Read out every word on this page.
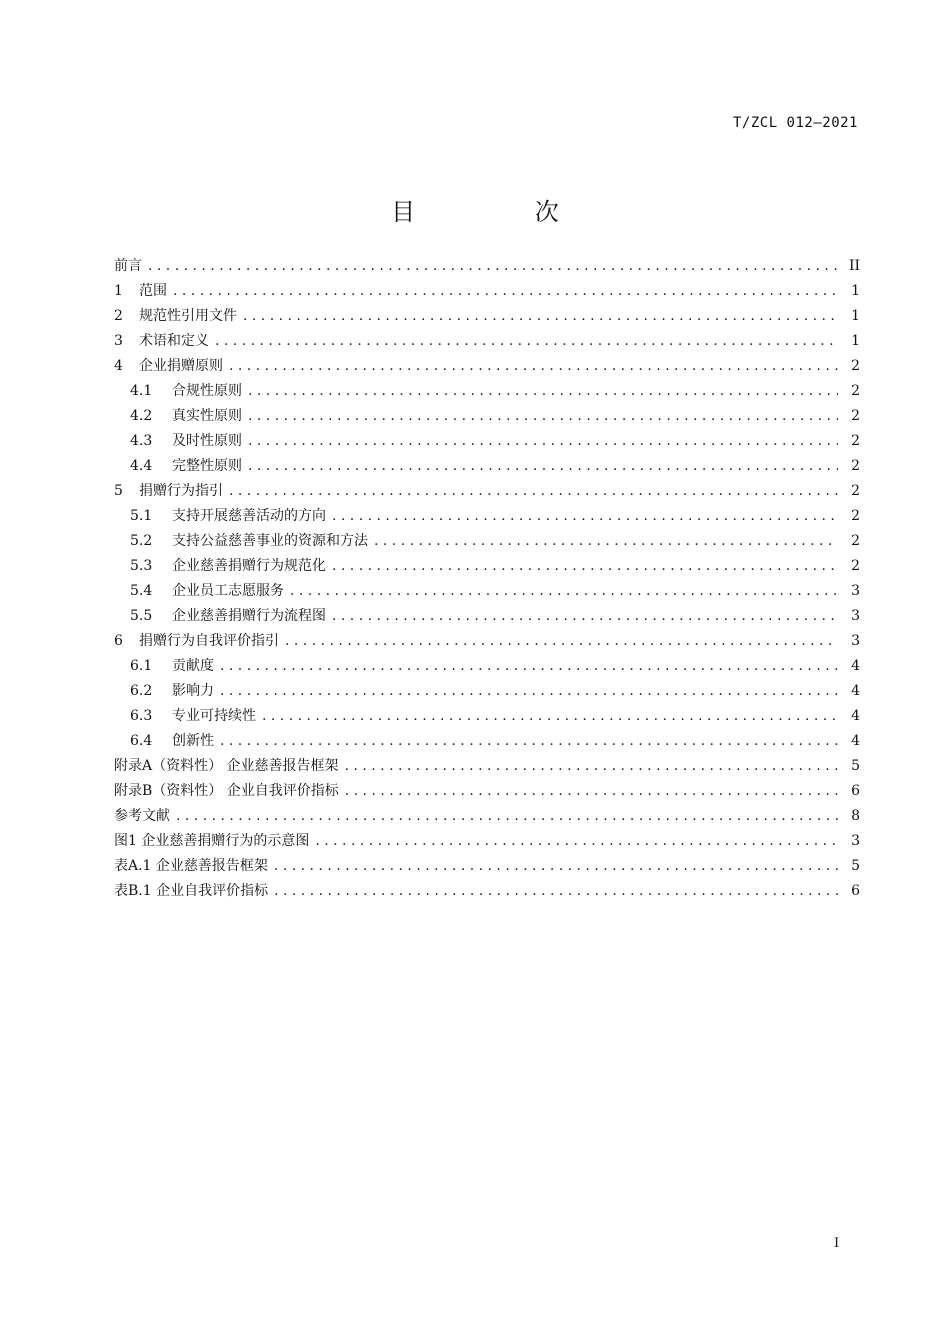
T/ZCL 012—2021
目 次
前言 . . .	II
1	范围 . . .	1
2	规范性引用文件 . . .	1
3	术语和定义 . . .	1
4	企业捐赠原则 . . .	2
4.1	合规性原则 . . .	2
4.2	真实性原则 . . .	2
4.3	及时性原则 . . .	2
4.4	完整性原则 . . .	2
5	捐赠行为指引 . . .	2
5.1	支持开展慈善活动的方向 . . .	2
5.2	支持公益慈善事业的资源和方法 . . .	2
5.3	企业慈善捐赠行为规范化 . . .	2
5.4	企业员工志愿服务 . . .	3
5.5	企业慈善捐赠行为流程图 . . .	3
6	捐赠行为自我评价指引 . . .	3
6.1	贡献度 . . .	4
6.2	影响力 . . .	4
6.3	专业可持续性 . . .	4
6.4	创新性 . . .	4
附录A（资料性） 企业慈善报告框架 . . .	5
附录B（资料性） 企业自我评价指标 . . .	6
参考文献 . . .	8
图1 企业慈善捐赠行为的示意图 . . .	3
表A.1 企业慈善报告框架 . . .	5
表B.1 企业自我评价指标 . . .	6
I
